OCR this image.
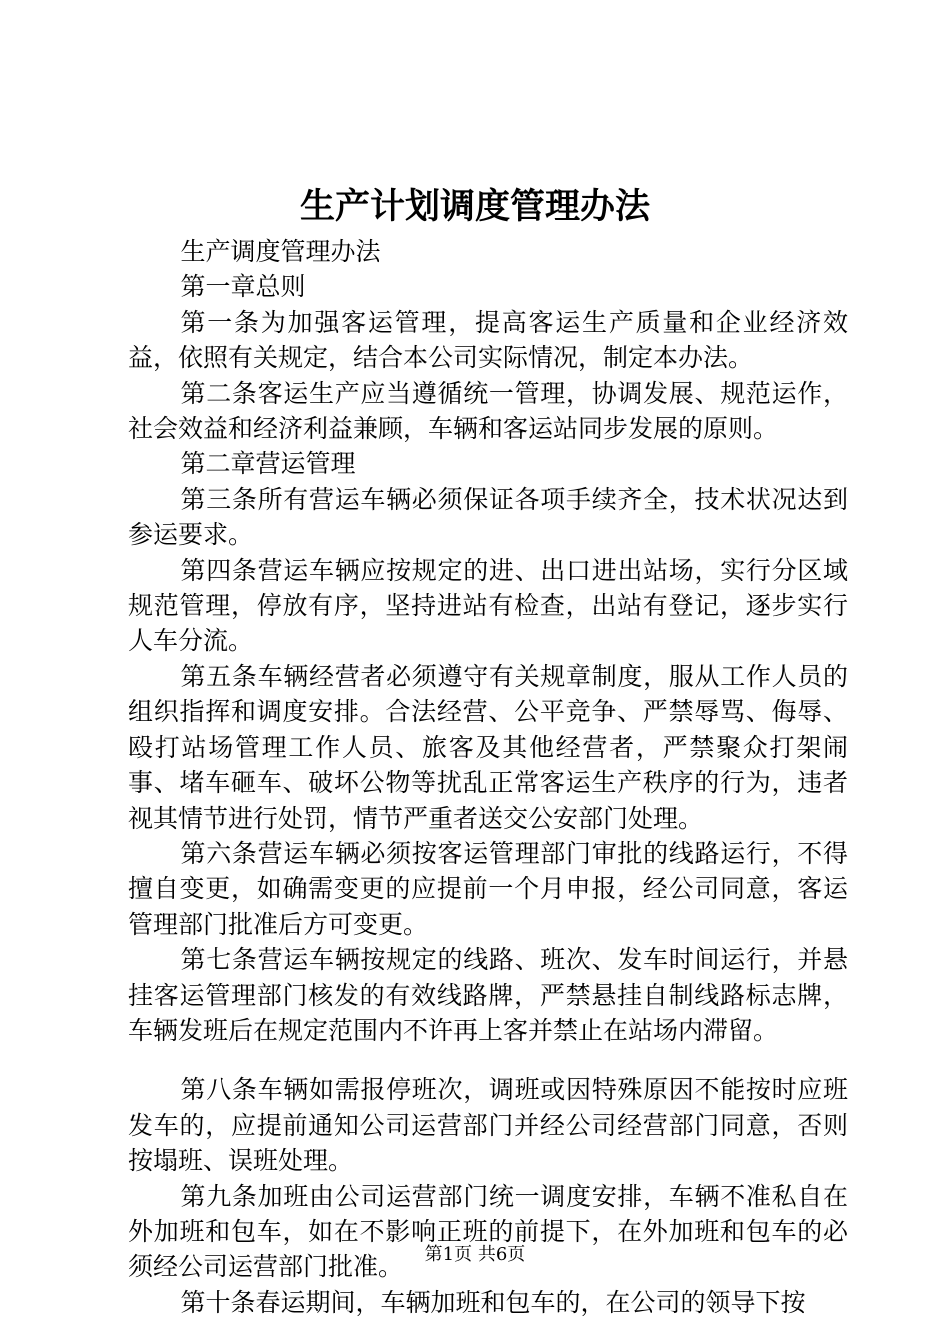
生产计划调度管理办法

生产调度管理办法

第一章总则

第一条为加强客运管理，提高客运生产质量和企业经济效益，依照有关规定，结合本公司实际情况，制定本办法。

第二条客运生产应当遵循统一管理，协调发展、规范运作，社会效益和经济利益兼顾，车辆和客运站同步发展的原则。

第二章营运管理

第三条所有营运车辆必须保证各项手续齐全，技术状况达到参运要求。

第四条营运车辆应按规定的进、出口进出站场，实行分区域规范管理，停放有序，坚持进站有检查，出站有登记，逐步实行人车分流。

第五条车辆经营者必须遵守有关规章制度，服从工作人员的组织指挥和调度安排。合法经营、公平竞争、严禁辱骂、侮辱、殴打站场管理工作人员、旅客及其他经营者，严禁聚众打架闹事、堵车砸车、破坏公物等扰乱正常客运生产秩序的行为，违者视其情节进行处罚，情节严重者送交公安部门处理。

第六条营运车辆必须按客运管理部门审批的线路运行，不得擅自变更，如确需变更的应提前一个月申报，经公司同意，客运管理部门批准后方可变更。

第七条营运车辆按规定的线路、班次、发车时间运行，并悬挂客运管理部门核发的有效线路牌，严禁悬挂自制线路标志牌，车辆发班后在规定范围内不许再上客并禁止在站场内滞留。

第八条车辆如需报停班次，调班或因特殊原因不能按时应班发车的，应提前通知公司运营部门并经公司经营部门同意，否则按塌班、误班处理。

第九条加班由公司运营部门统一调度安排，车辆不准私自在外加班和包车，如在不影响正班的前提下，在外加班和包车的必须经公司运营部门批准。

第十条春运期间，车辆加班和包车的，在公司的领导下按

第1页 共6页
